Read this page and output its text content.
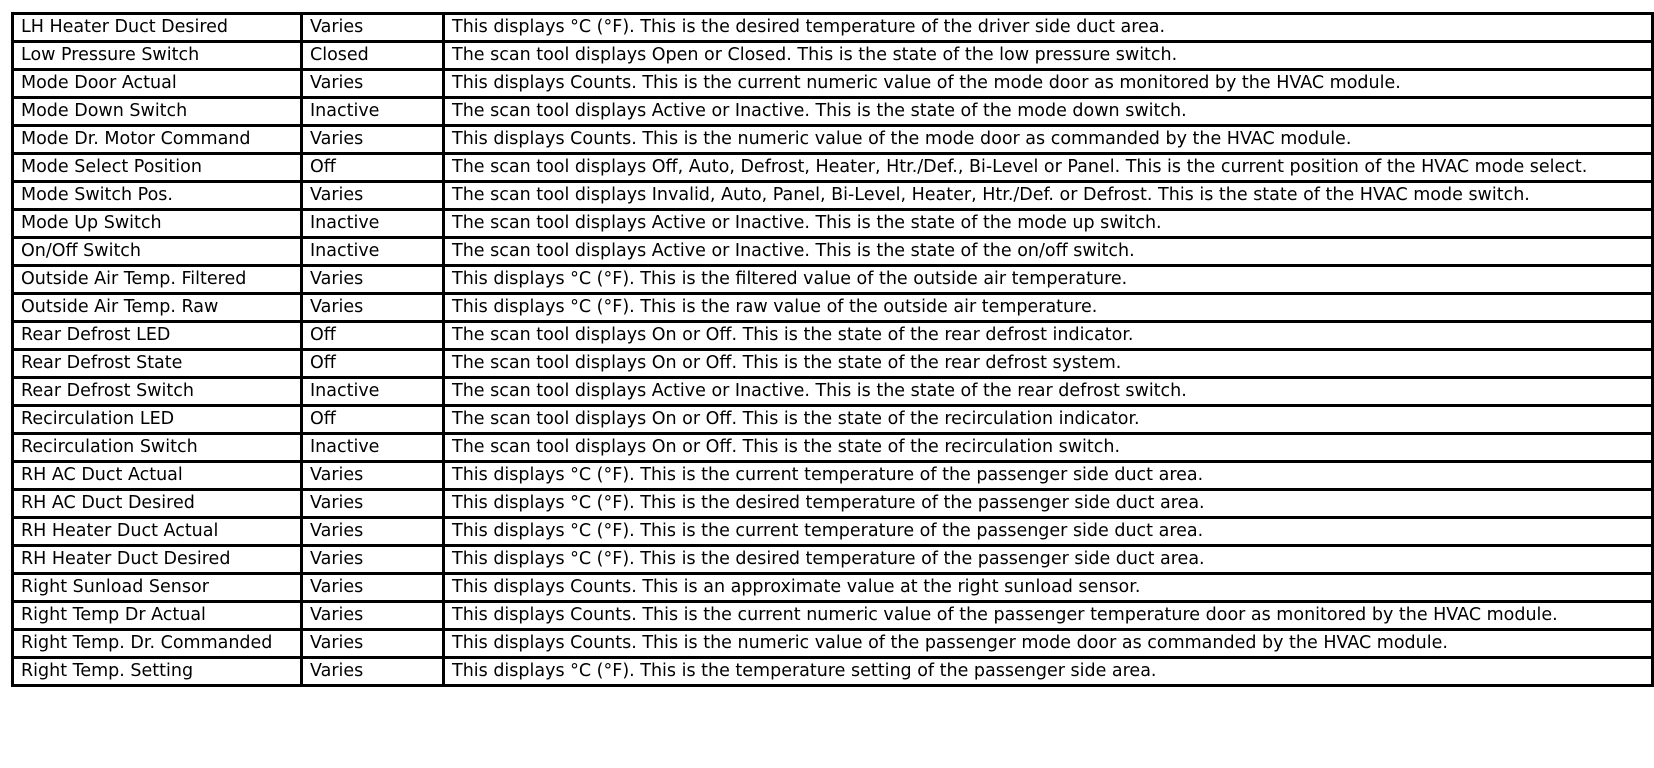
LH Heater Duct Desired	Varies	This displays °C (°F). This is the desired temperature of the driver side duct area.
Low Pressure Switch	Closed	The scan tool displays Open or Closed. This is the state of the low pressure switch.
Mode Door Actual	Varies	This displays Counts. This is the current numeric value of the mode door as monitored by the HVAC module.
Mode Down Switch	Inactive	The scan tool displays Active or Inactive. This is the state of the mode down switch.
Mode Dr. Motor Command	Varies	This displays Counts. This is the numeric value of the mode door as commanded by the HVAC module.
Mode Select Position	Off	The scan tool displays Off, Auto, Defrost, Heater, Htr./Def., Bi-Level or Panel. This is the current position of the HVAC mode select.
Mode Switch Pos.	Varies	The scan tool displays Invalid, Auto, Panel, Bi-Level, Heater, Htr./Def. or Defrost. This is the state of the HVAC mode switch.
Mode Up Switch	Inactive	The scan tool displays Active or Inactive. This is the state of the mode up switch.
On/Off Switch	Inactive	The scan tool displays Active or Inactive. This is the state of the on/off switch.
Outside Air Temp. Filtered	Varies	This displays °C (°F). This is the filtered value of the outside air temperature.
Outside Air Temp. Raw	Varies	This displays °C (°F). This is the raw value of the outside air temperature.
Rear Defrost LED	Off	The scan tool displays On or Off. This is the state of the rear defrost indicator.
Rear Defrost State	Off	The scan tool displays On or Off. This is the state of the rear defrost system.
Rear Defrost Switch	Inactive	The scan tool displays Active or Inactive. This is the state of the rear defrost switch.
Recirculation LED	Off	The scan tool displays On or Off. This is the state of the recirculation indicator.
Recirculation Switch	Inactive	The scan tool displays On or Off. This is the state of the recirculation switch.
RH AC Duct Actual	Varies	This displays °C (°F). This is the current temperature of the passenger side duct area.
RH AC Duct Desired	Varies	This displays °C (°F). This is the desired temperature of the passenger side duct area.
RH Heater Duct Actual	Varies	This displays °C (°F). This is the current temperature of the passenger side duct area.
RH Heater Duct Desired	Varies	This displays °C (°F). This is the desired temperature of the passenger side duct area.
Right Sunload Sensor	Varies	This displays Counts. This is an approximate value at the right sunload sensor.
Right Temp Dr Actual	Varies	This displays Counts. This is the current numeric value of the passenger temperature door as monitored by the HVAC module.
Right Temp. Dr. Commanded	Varies	This displays Counts. This is the numeric value of the passenger mode door as commanded by the HVAC module.
Right Temp. Setting	Varies	This displays °C (°F). This is the temperature setting of the passenger side area.
